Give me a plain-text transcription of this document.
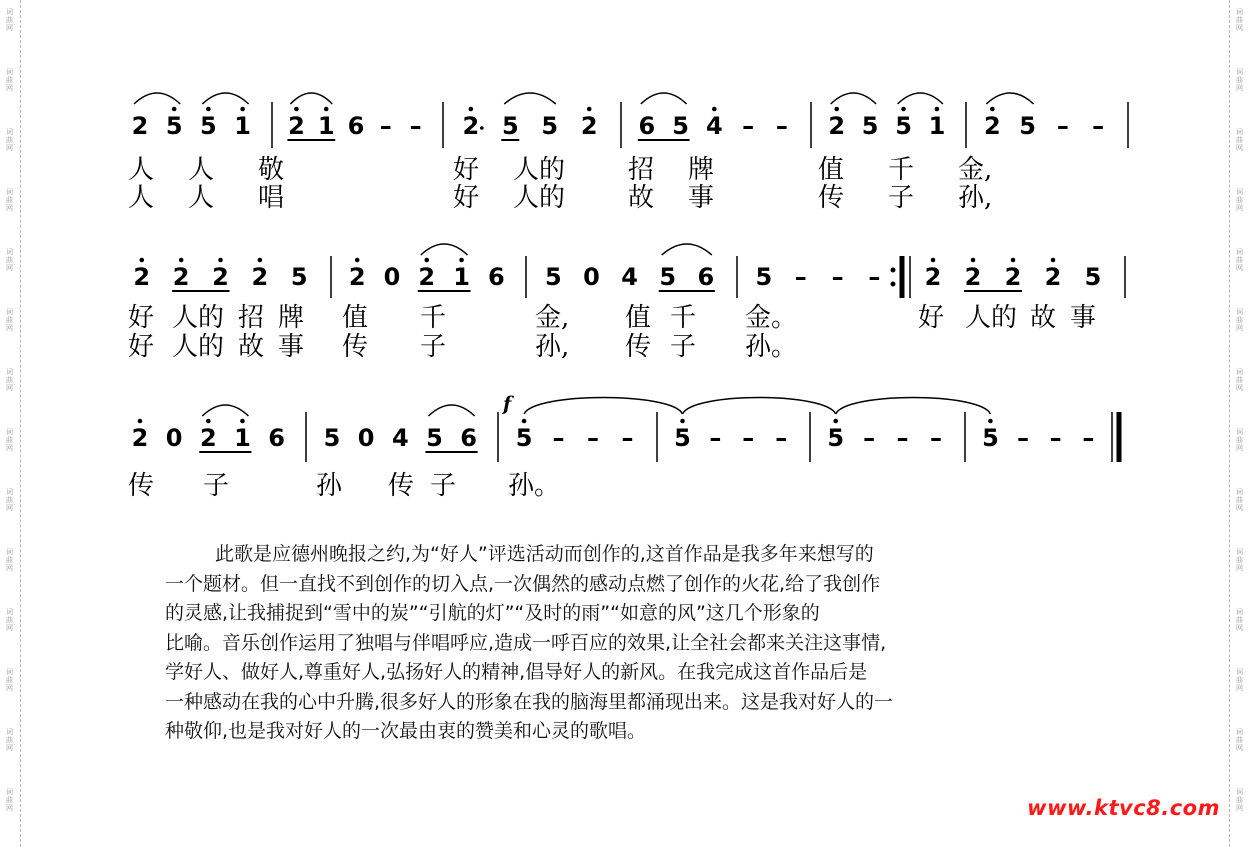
词
曲
网
词
曲
网
词
曲
网
词
曲
网
词
曲
网
词
曲
网
词
曲
网
词
曲
网
词
曲
网
词
曲
网
词
曲
网
词
曲
网
词
曲
网
词
曲
网
词
曲
网
词
曲
网
词
曲
网
词
曲
网
词
曲
网
词
曲
网
词
曲
网
词
曲
网
词
曲
网
词
曲
网
词
曲
网
词
曲
网
词
曲
网
词
曲
网
2 5 5 1 2 1 6 – – 2 5 5 2 6 5 4 – – 2 5 5 1 2 5 – –
人 人 敬	好 人的 招 牌	值 千 金,
人 人 唱	好 人的 故 事	传 子 孙,
2 2 2 2 5 2 0 2 1 6 5 0 4 5 6 5 – – – 2 2 2 2 5
好 人的 招 牌 值 千	金, 值 千 金。	好 人的 故 事
好 人的 故 事 传 子	孙, 传 子 孙。
2 0 2 1 6 5 0 4 5 6 5 – – – 5 – – – 5 – – – 5 – – –
f
传 子	孙 传 子 孙。

此歌是应德州晚报之约,为“好人”评选活动而创作的,这首作品是我多年来想写的

一个题材。但一直找不到创作的切入点,一次偶然的感动点燃了创作的火花,给了我创作

的灵感,让我捕捉到“雪中的炭”“引航的灯”“及时的雨”“如意的风”这几个形象的

比喻。音乐创作运用了独唱与伴唱呼应,造成一呼百应的效果,让全社会都来关注这事情,

学好人、做好人,尊重好人,弘扬好人的精神,倡导好人的新风。在我完成这首作品后是

一种感动在我的心中升腾,很多好人的形象在我的脑海里都涌现出来。这是我对好人的一

种敬仰,也是我对好人的一次最由衷的赞美和心灵的歌唱。

www.ktvc8.com
